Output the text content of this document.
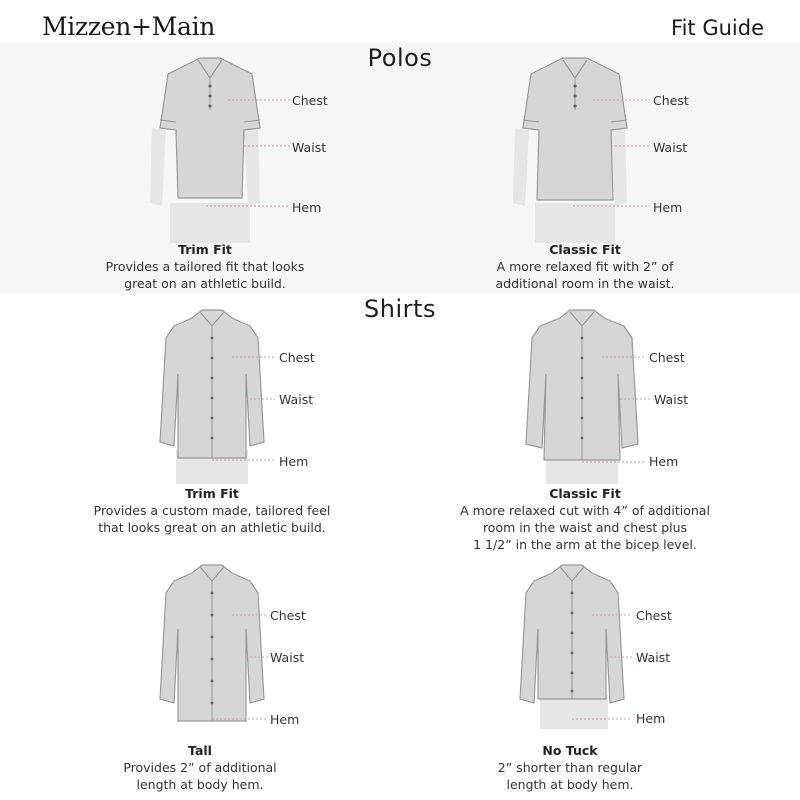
Mizzen+Main	Fit Guide
Polos
Shirts
Chest
Waist
Hem
Trim Fit
Provides a tailored fit that looks
great on an athletic build.
Chest
Waist
Hem
Classic Fit
A more relaxed fit with 2” of
additional room in the waist.
Chest
Waist
Hem
Trim Fit
Provides a custom made, tailored feel
that looks great on an athletic build.
Chest
Waist
Hem
Classic Fit
A more relaxed cut with 4” of additional
room in the waist and chest plus
1 1/2” in the arm at the bicep level.
Chest
Waist
Hem
Tall
Provides 2” of additional
length at body hem.
Chest
Waist
Hem
No Tuck
2” shorter than regular
length at body hem.
